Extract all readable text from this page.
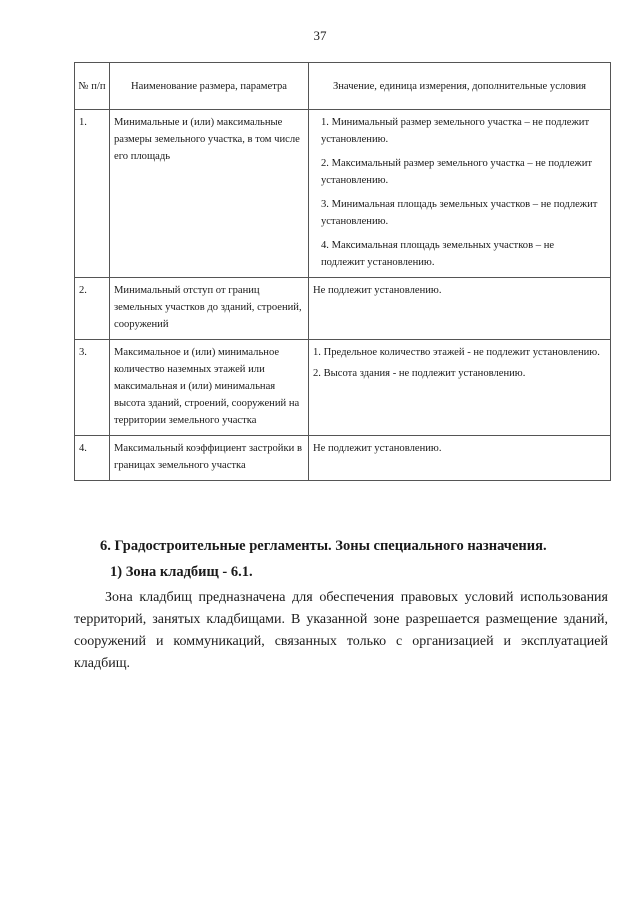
37
№ п/п	Наименование размера, параметра	Значение, единица измерения, дополнительные условия
1.	Минимальные и (или) максимальные размеры земельного участка, в том числе его площадь	1. Минимальный размер земельного участка – не подлежит установлению.

2. Максимальный размер земельного участка – не подлежит установлению.

3. Минимальная площадь земельных участков – не подлежит установлению.

4. Максимальная площадь земельных участков – не подлежит установлению.

2.	Минимальный отступ от границ земельных участков до зданий, строений, сооружений	Не подлежит установлению.

3.	Максимальное и (или) минимальное количество наземных этажей или максимальная и (или) минимальная высота зданий, строений, сооружений на территории земельного участка	1. Предельное количество этажей - не подлежит установлению.

2. Высота здания - не подлежит установлению.

4.	Максимальный коэффициент застройки в границах земельного участка	Не подлежит установлению.

6. Градостроительные регламенты. Зоны специального назначения.
1) Зона кладбищ - 6.1.

Зона кладбищ предназначена для обеспечения правовых условий использования территорий, занятых кладбищами. В указанной зоне разрешается размещение зданий, сооружений и коммуникаций, связанных только с организацией и эксплуатацией кладбищ.
